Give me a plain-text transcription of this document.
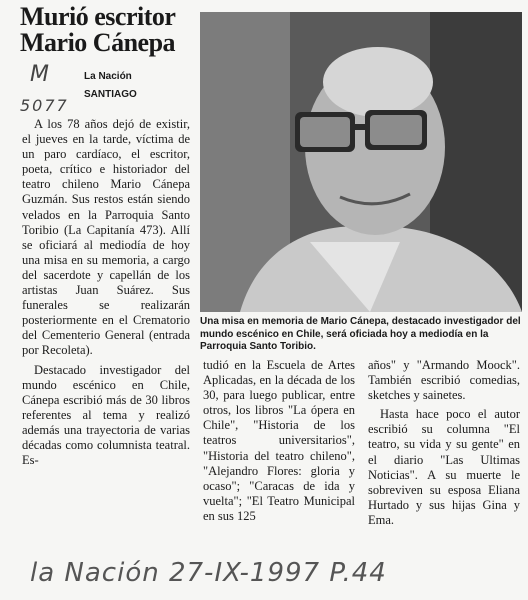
Murió escritor Mario Cánepa
M
5077
La Nación
SANTIAGO

A los 78 años dejó de existir, el jueves en la tarde, víctima de un paro cardíaco, el escritor, poeta, crítico e historiador del teatro chileno Mario Cánepa Guzmán. Sus restos están siendo velados en la Parroquia Santo Toribio (La Capitanía 473). Allí se oficiará al mediodía de hoy una misa en su memoria, a cargo del sacerdote y capellán de los artistas Juan Suárez. Sus funerales se realizarán posteriormente en el Crematorio del Cementerio General (entrada por Recoleta).

Destacado investigador del mundo escénico en Chile, Cánepa escribió más de 30 libros referentes al tema y realizó además una trayectoria de varias décadas como columnista teatral. Es-

Una misa en memoria de Mario Cánepa, destacado investigador del mundo escénico en Chile, será oficiada hoy a mediodía en la Parroquia Santo Toribio.

tudió en la Escuela de Artes Aplicadas, en la década de los 30, para luego publicar, entre otros, los libros "La ópera en Chile", "Historia de los teatros universitarios", "Historia del teatro chileno", "Alejandro Flores: gloria y ocaso"; "Caracas de ida y vuelta"; "El Teatro Municipal en sus 125

años" y "Armando Moock". También escribió comedias, sketches y sainetes.

Hasta hace poco el autor escribió su columna "El teatro, su vida y su gente" en el diario "Las Ultimas Noticias". A su muerte le sobreviven su esposa Eliana Hurtado y sus hijas Gina y Ema.

la Nación 27-IX-1997 P.44
